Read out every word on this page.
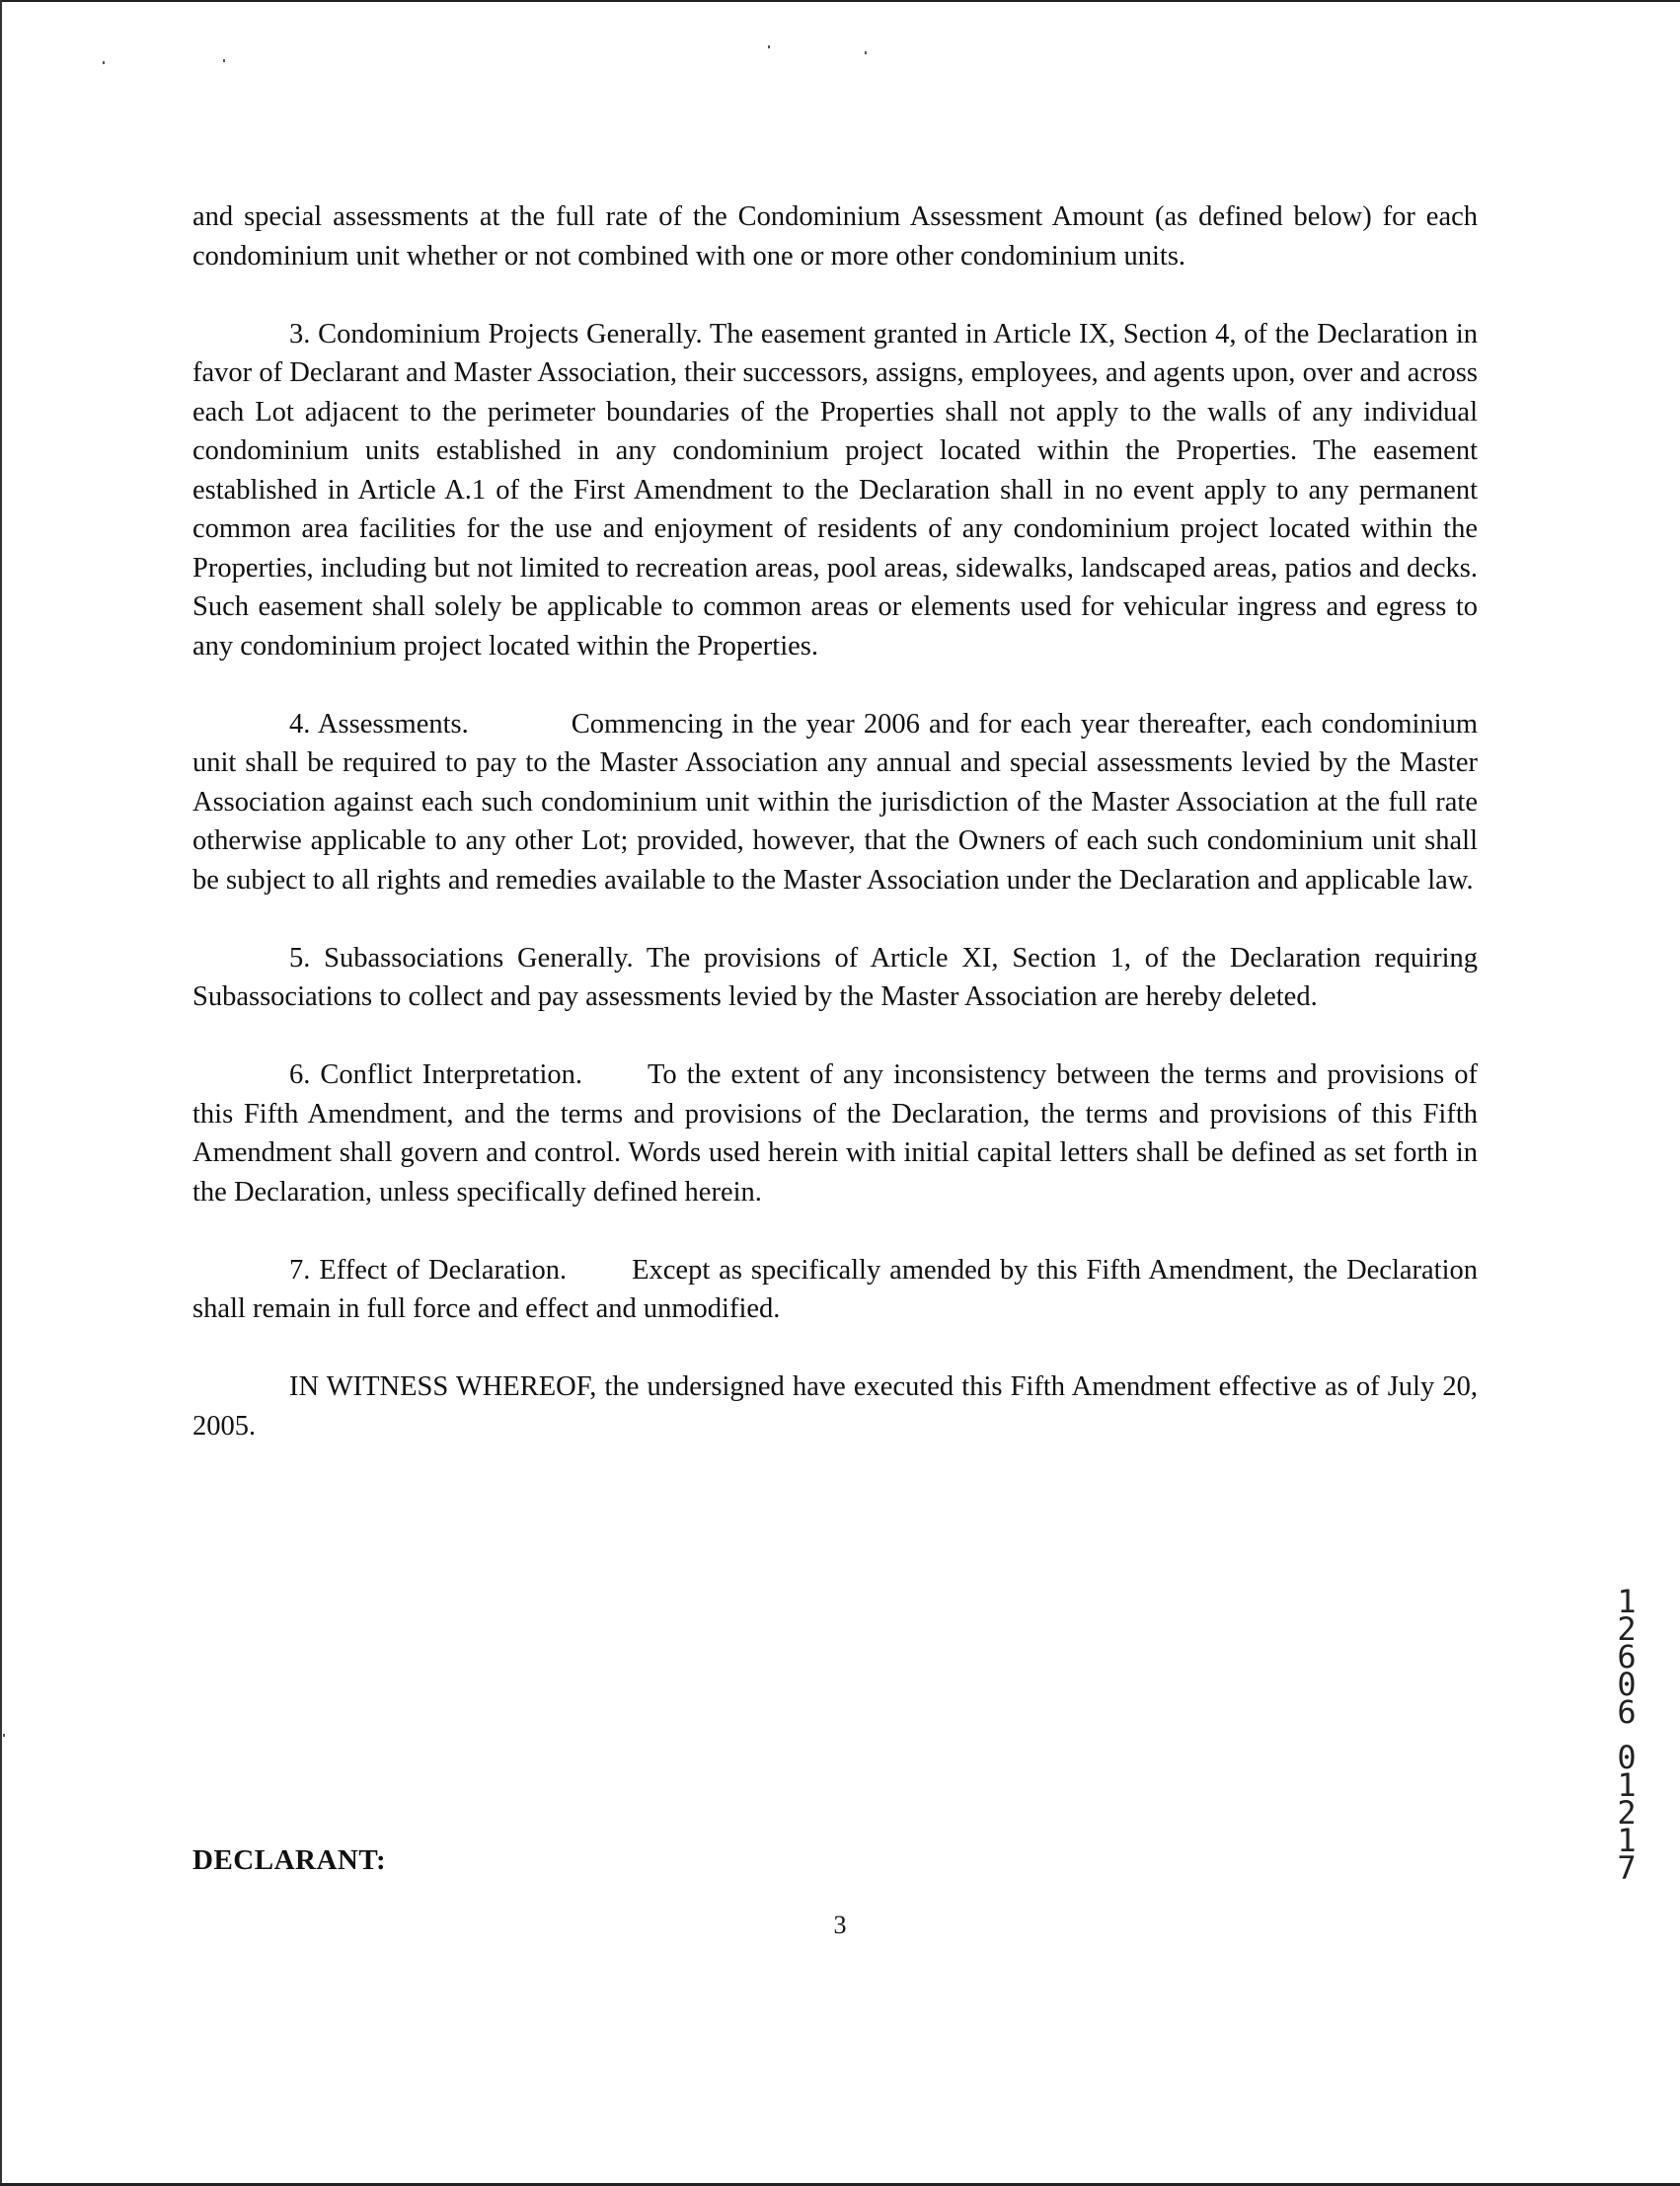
and special assessments at the full rate of the Condominium Assessment Amount (as defined below) for each condominium unit whether or not combined with one or more other condominium units.

3. Condominium Projects Generally. The easement granted in Article IX, Section 4, of the Declaration in favor of Declarant and Master Association, their successors, assigns, employees, and agents upon, over and across each Lot adjacent to the perimeter boundaries of the Properties shall not apply to the walls of any individual condominium units established in any condominium project located within the Properties. The easement established in Article A.1 of the First Amendment to the Declaration shall in no event apply to any permanent common area facilities for the use and enjoyment of residents of any condominium project located within the Properties, including but not limited to recreation areas, pool areas, sidewalks, landscaped areas, patios and decks. Such easement shall solely be applicable to common areas or elements used for vehicular ingress and egress to any condominium project located within the Properties.

4. Assessments.	Commencing in the year 2006 and for each year thereafter, each condominium unit shall be required to pay to the Master Association any annual and special assessments levied by the Master Association against each such condominium unit within the jurisdiction of the Master Association at the full rate otherwise applicable to any other Lot; provided, however, that the Owners of each such condominium unit shall be subject to all rights and remedies available to the Master Association under the Declaration and applicable law.

5. Subassociations Generally. The provisions of Article XI, Section 1, of the Declaration requiring Subassociations to collect and pay assessments levied by the Master Association are hereby deleted.

6. Conflict Interpretation. To the extent of any inconsistency between the terms and provisions of this Fifth Amendment, and the terms and provisions of the Declaration, the terms and provisions of this Fifth Amendment shall govern and control. Words used herein with initial capital letters shall be defined as set forth in the Declaration, unless specifically defined herein.

7. Effect of Declaration. Except as specifically amended by this Fifth Amendment, the Declaration shall remain in full force and effect and unmodified.

IN WITNESS WHEREOF, the undersigned have executed this Fifth Amendment effective as of July 20, 2005.

DECLARANT:
3
1
2
6
0
6
0
1
2
1
7
